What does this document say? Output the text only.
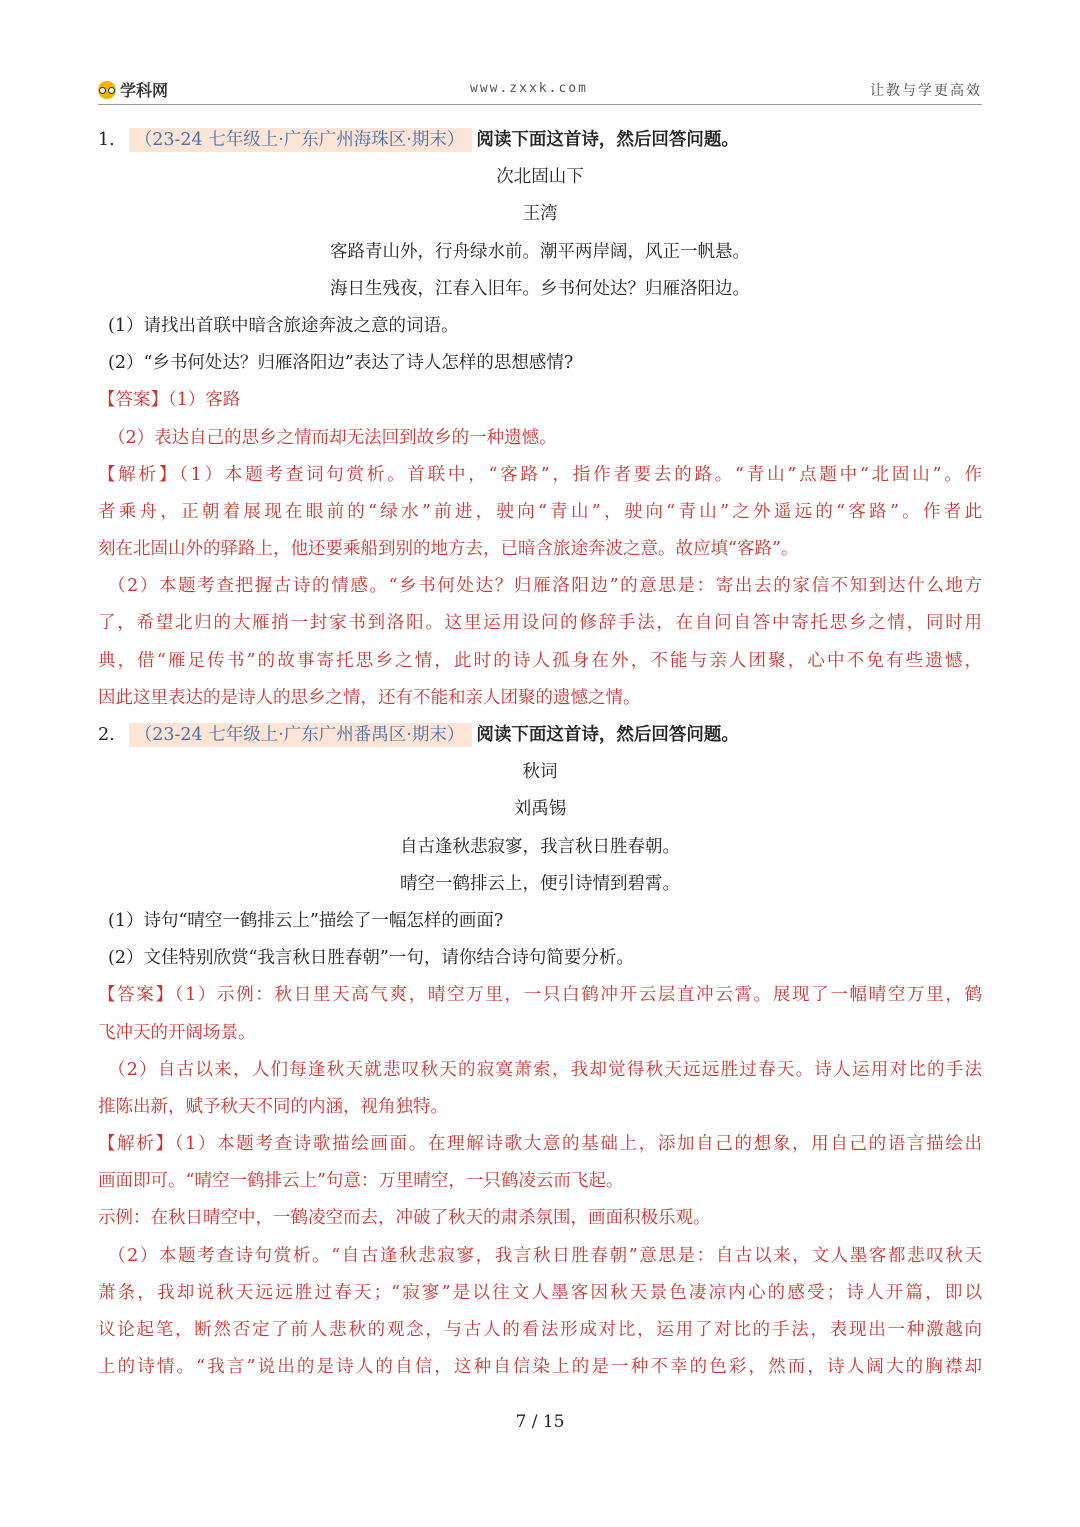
学科网	www.zxxk.com	让教与学更高效
1. （23-24 七年级上·广东广州海珠区·期末） 阅读下面这首诗，然后回答问题。
次北固山下
王湾
客路青山外，行舟绿水前。潮平两岸阔，风正一帆悬。
海日生残夜，江春入旧年。乡书何处达？归雁洛阳边。
(1）请找出首联中暗含旅途奔波之意的词语。
(2）“乡书何处达？归雁洛阳边”表达了诗人怎样的思想感情?
【答案】（1）客路
（2）表达自己的思乡之情而却无法回到故乡的一种遗憾。
【解析】（1）本题考查词句赏析。首联中，“客路”，指作者要去的路。“青山”点题中“北固山”。作
者乘舟，正朝着展现在眼前的“绿水”前进，驶向“青山”，驶向“青山”之外遥远的“客路”。作者此
刻在北固山外的驿路上，他还要乘船到别的地方去，已暗含旅途奔波之意。故应填“客路”。
（2）本题考查把握古诗的情感。“乡书何处达？归雁洛阳边”的意思是：寄出去的家信不知到达什么地方
了，希望北归的大雁捎一封家书到洛阳。这里运用设问的修辞手法，在自问自答中寄托思乡之情，同时用
典，借“雁足传书”的故事寄托思乡之情，此时的诗人孤身在外，不能与亲人团聚，心中不免有些遗憾，
因此这里表达的是诗人的思乡之情，还有不能和亲人团聚的遗憾之情。
2. （23-24 七年级上·广东广州番禺区·期末） 阅读下面这首诗，然后回答问题。
秋词
刘禹锡
自古逢秋悲寂寥，我言秋日胜春朝。
晴空一鹤排云上，便引诗情到碧霄。
(1）诗句“晴空一鹤排云上”描绘了一幅怎样的画面?
(2）文佳特别欣赏“我言秋日胜春朝”一句，请你结合诗句简要分析。
【答案】（1）示例：秋日里天高气爽，晴空万里，一只白鹤冲开云层直冲云霄。展现了一幅晴空万里，鹤
飞冲天的开阔场景。
（2）自古以来，人们每逢秋天就悲叹秋天的寂寞萧索，我却觉得秋天远远胜过春天。诗人运用对比的手法
推陈出新，赋予秋天不同的内涵，视角独特。
【解析】（1）本题考查诗歌描绘画面。在理解诗歌大意的基础上，添加自己的想象，用自己的语言描绘出
画面即可。“晴空一鹤排云上”句意：万里晴空，一只鹤凌云而飞起。
示例：在秋日晴空中，一鹤凌空而去，冲破了秋天的肃杀氛围，画面积极乐观。
（2）本题考查诗句赏析。“自古逢秋悲寂寥，我言秋日胜春朝”意思是：自古以来，文人墨客都悲叹秋天
萧条，我却说秋天远远胜过春天；“寂寥”是以往文人墨客因秋天景色凄凉内心的感受；诗人开篇，即以
议论起笔，断然否定了前人悲秋的观念，与古人的看法形成对比，运用了对比的手法，表现出一种激越向
上的诗情。“我言”说出的是诗人的自信，这种自信染上的是一种不幸的色彩，然而，诗人阔大的胸襟却
7 / 15
